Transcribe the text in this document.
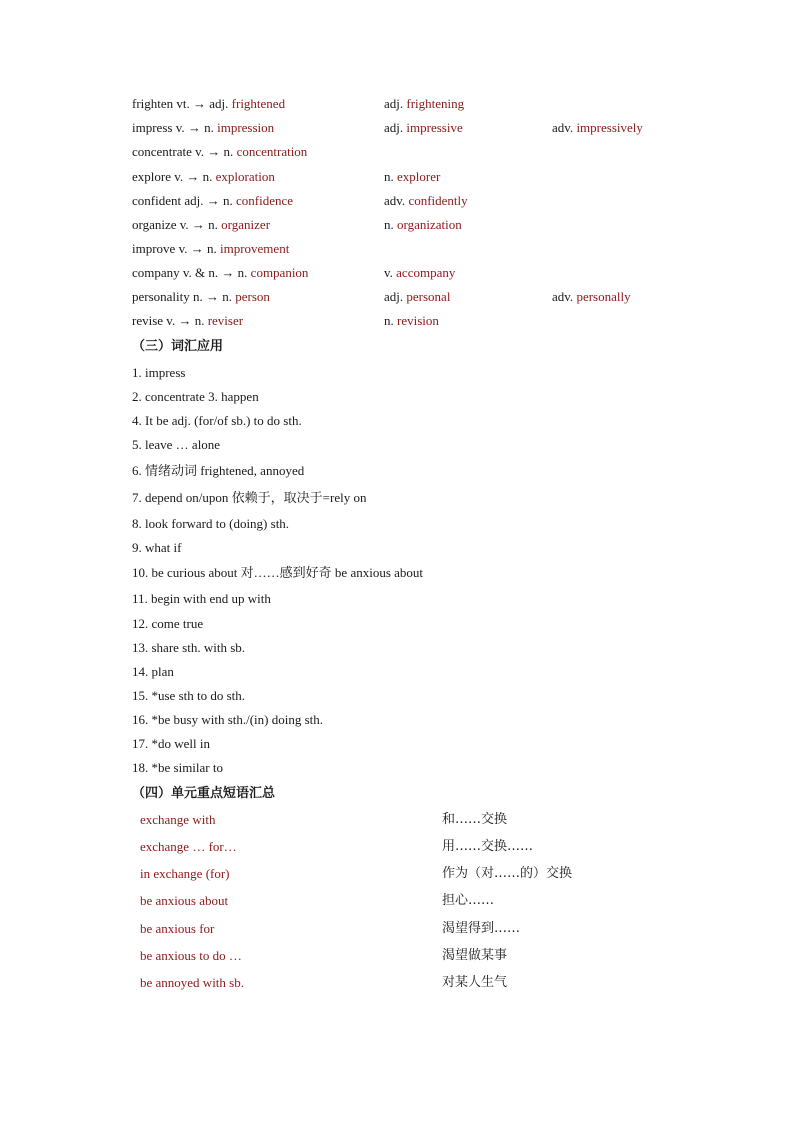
frighten vt. → adj. frightened	adj. frightening
impress v. → n. impression	adj. impressive	adv. impressively
concentrate v. → n. concentration
explore v. → n. exploration	n. explorer
confident adj. → n. confidence	adv. confidently
organize v. → n. organizer	n. organization
improve v. → n. improvement
company v. & n. → n. companion	v. accompany
personality n. → n. person	adj. personal	adv. personally
revise v. → n. reviser	n. revision
（三）词汇应用
1. impress
2. concentrate 3. happen
4. It be adj. (for/of sb.) to do sth.
5. leave … alone
6. 情绪动词 frightened, annoyed
7. depend on/upon 依赖于，取决于=rely on
8. look forward to (doing) sth.
9. what if
10. be curious about 对……感到好奇 be anxious about
11. begin with end up with
12. come true
13. share sth. with sb.
14. plan
15. *use sth to do sth.
16. *be busy with sth./(in) doing sth.
17. *do well in
18. *be similar to
（四）单元重点短语汇总
exchange with	和……交换
exchange … for…	用……交换……
in exchange (for)	作为（对……的）交换
be anxious about	担心……
be anxious for	渴望得到……
be anxious to do …	渴望做某事
be annoyed with sb.	对某人生气
